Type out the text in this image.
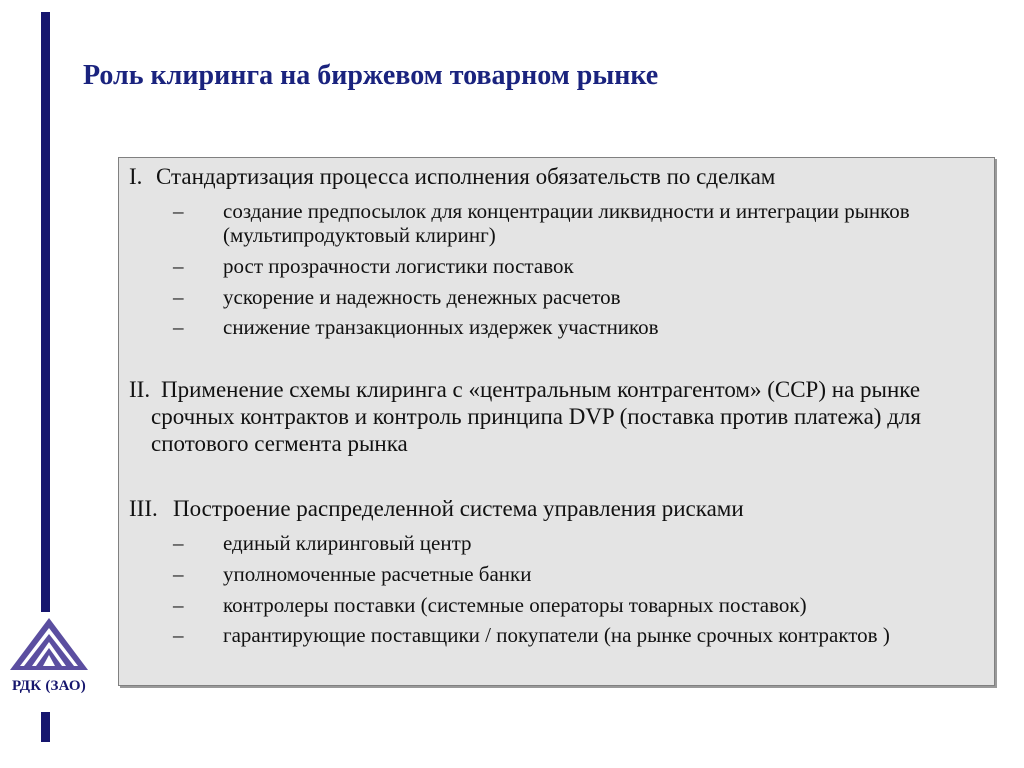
РДК (ЗАО)
Роль клиринга на биржевом товарном рынке
I. Стандартизация процесса исполнения обязательств по сделкам
– создание предпосылок для концентрации ликвидности и интеграции рынков (мультипродуктовый клиринг)
– рост прозрачности логистики поставок
– ускорение и надежность денежных расчетов
– снижение транзакционных издержек участников
II. Применение схемы клиринга с «центральным контрагентом» (ССР) на рынке срочных контрактов и контроль принципа DVP (поставка против платежа) для спотового сегмента рынка
III. Построение распределенной система управления рисками
– единый клиринговый центр
– уполномоченные расчетные банки
– контролеры поставки (системные операторы товарных поставок)
– гарантирующие поставщики / покупатели (на рынке срочных контрактов )
